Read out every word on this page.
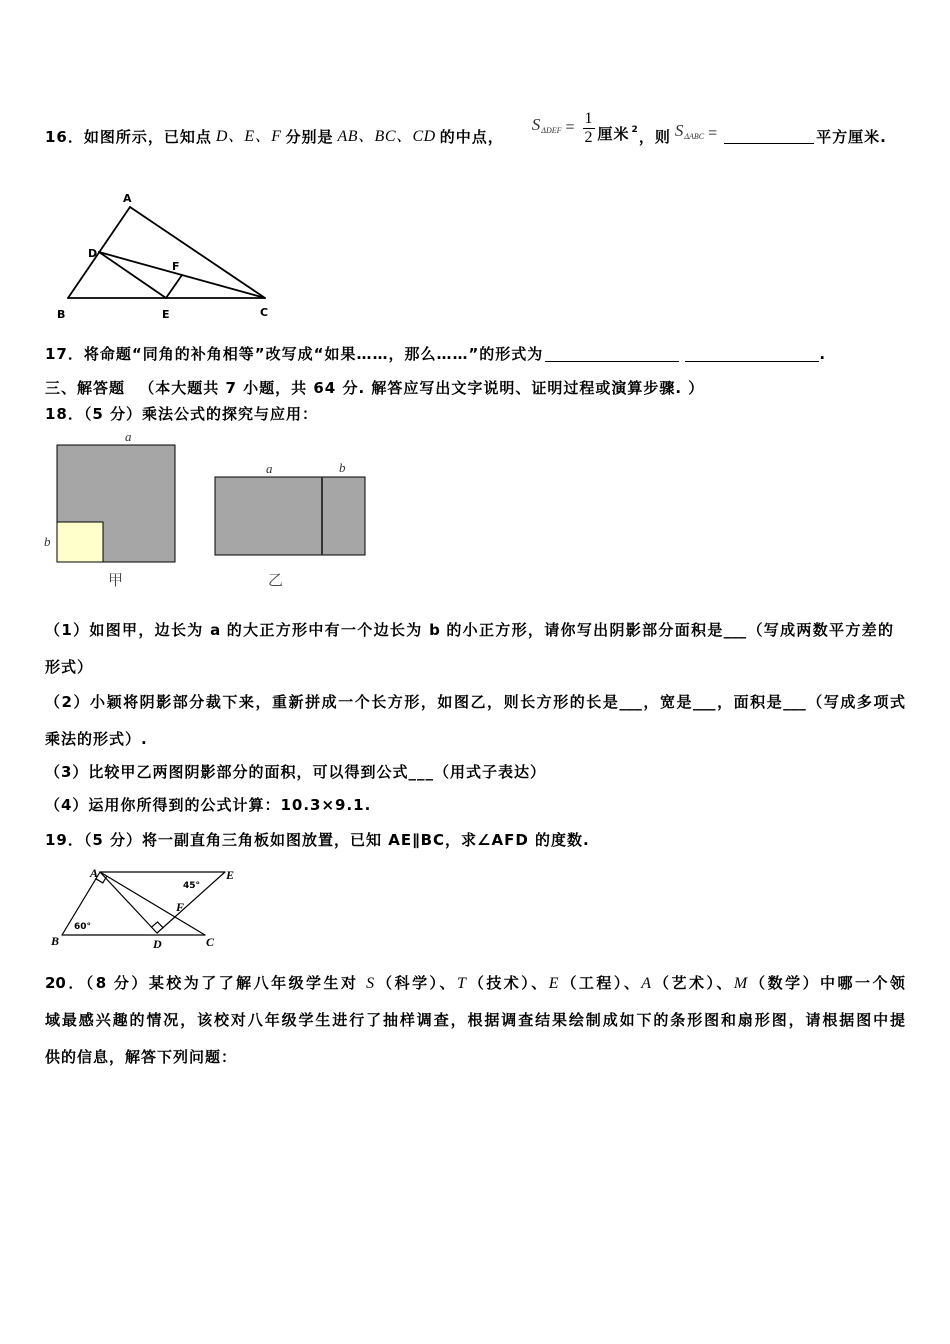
16．如图所示，已知点 D、E、F 分别是 AB、BC、CD 的中点，
S $\Delta DEF = \frac{1}{2}$ 厘米 $^2$ ，则 S ΔABC =	平方厘米.
A
D
F
B	E	C
17．将命题“同角的补角相等”改写成“如果……，那么……”的形式为	.
三、解答题 （本大题共 7 小题，共 64 分. 解答应写出文字说明、证明过程或演算步骤. ）
18．（5 分）乘法公式的探究与应用：
a
b
甲
a	b
乙
（1）如图甲，边长为 a 的大正方形中有一个边长为 b 的小正方形，请你写出阴影部分面积是___（写成两数平方差的
形式）
（2）小颖将阴影部分裁下来，重新拼成一个长方形，如图乙，则长方形的长是___，宽是___，面积是___（写成多项式
乘法的形式）.
（3）比较甲乙两图阴影部分的面积，可以得到公式___（用式子表达）
（4）运用你所得到的公式计算：10.3×9.1.
19．（5 分）将一副直角三角板如图放置，已知 AE∥BC，求∠AFD 的度数.
A	E
45°
F
60°
B	D	C
20．（8 分）某校为了了解八年级学生对 S（科学）、T（技术）、E（工程）、A（艺术）、M（数学）中哪一个领
域最感兴趣的情况，该校对八年级学生进行了抽样调查，根据调查结果绘制成如下的条形图和扇形图，请根据图中提
供的信息，解答下列问题：
